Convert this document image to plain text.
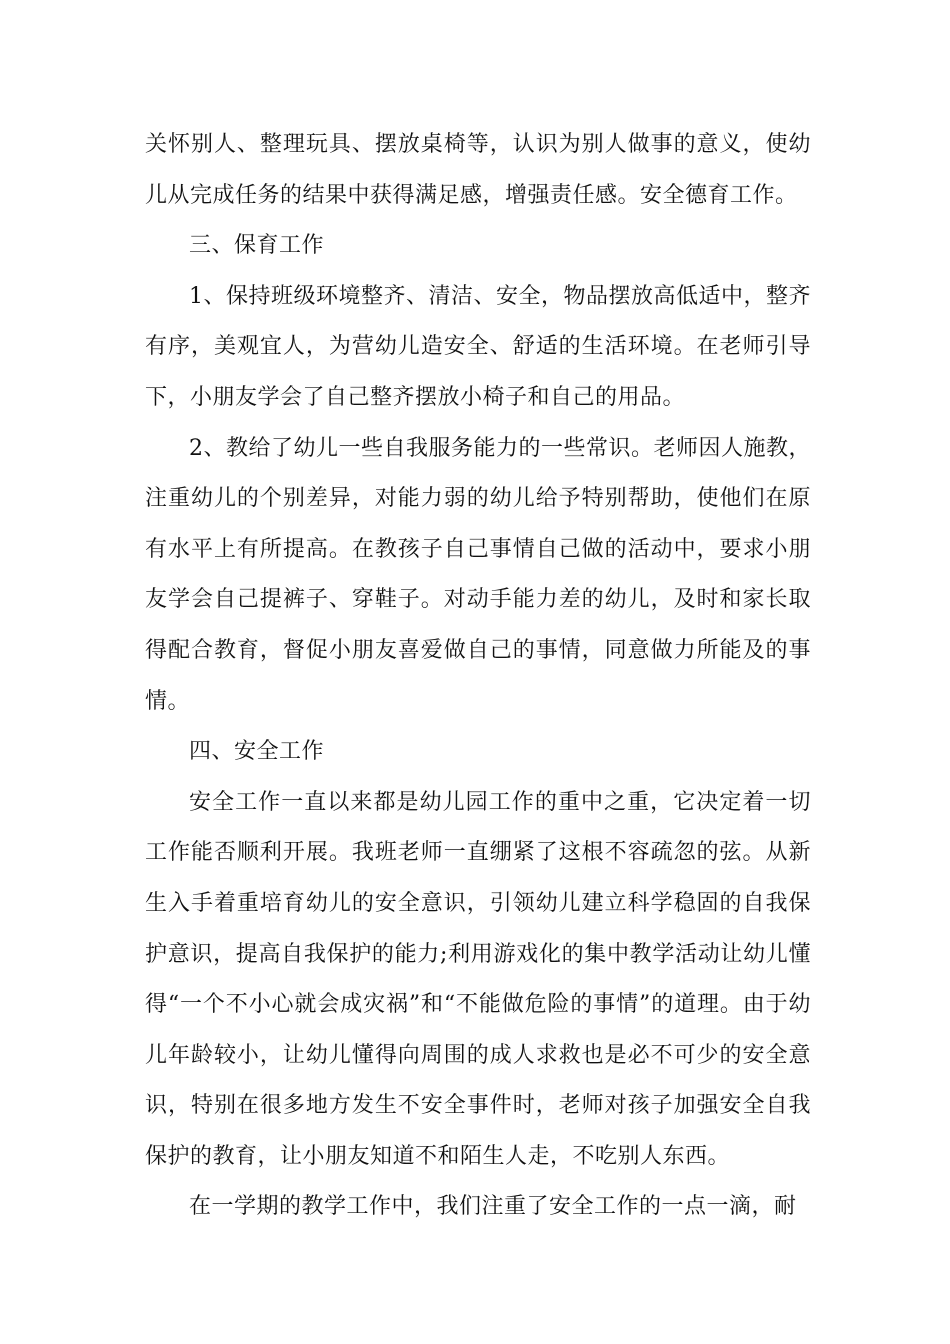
关怀别人、整理玩具、摆放桌椅等，认识为别人做事的意义，使幼儿从完成任务的结果中获得满足感，增强责任感。安全德育工作。

三、保育工作

1、保持班级环境整齐、清洁、安全，物品摆放高低适中，整齐有序，美观宜人，为营幼儿造安全、舒适的生活环境。在老师引导下，小朋友学会了自己整齐摆放小椅子和自己的用品。

2、教给了幼儿一些自我服务能力的一些常识。老师因人施教，注重幼儿的个别差异，对能力弱的幼儿给予特别帮助，使他们在原有水平上有所提高。在教孩子自己事情自己做的活动中，要求小朋友学会自己提裤子、穿鞋子。对动手能力差的幼儿，及时和家长取得配合教育，督促小朋友喜爱做自己的事情，同意做力所能及的事情。

四、安全工作

安全工作一直以来都是幼儿园工作的重中之重，它决定着一切工作能否顺利开展。我班老师一直绷紧了这根不容疏忽的弦。从新生入手着重培育幼儿的安全意识，引领幼儿建立科学稳固的自我保护意识，提高自我保护的能力;利用游戏化的集中教学活动让幼儿懂得“一个不小心就会成灾祸”和“不能做危险的事情”的道理。由于幼儿年龄较小，让幼儿懂得向周围的成人求救也是必不可少的安全意识，特别在很多地方发生不安全事件时，老师对孩子加强安全自我保护的教育，让小朋友知道不和陌生人走，不吃别人东西。

在一学期的教学工作中，我们注重了安全工作的一点一滴，耐
